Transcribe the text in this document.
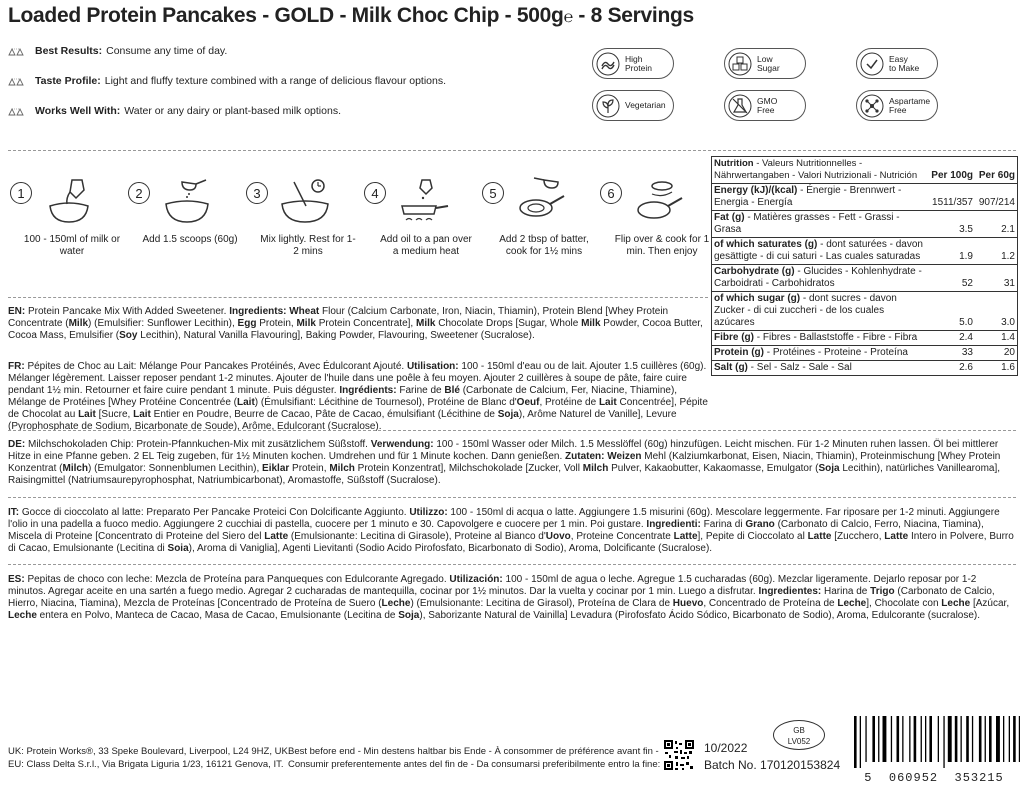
Loaded Protein Pancakes - GOLD - Milk Choc Chip - 500g℮ - 8 Servings
Best Results: Consume any time of day.
Taste Profile: Light and fluffy texture combined with a range of delicious flavour options.
Works Well With: Water or any dairy or plant-based milk options.
High
Protein
Low
Sugar
Easy
to Make
Vegetarian	GMO
Free
Aspartame
Free
1
100 - 150ml of milk or water
2
Add 1.5 scoops (60g)
3
Mix lightly. Rest for 1-2 mins
4
Add oil to a pan over a medium heat
5
Add 2 tbsp of batter, cook for 1½ mins
6
Flip over & cook for 1 min. Then enjoy
Nutrition - Valeurs Nutritionnelles - Nährwertangaben - Valori Nutrizionali - Nutrición	Per 100g	Per 60g
Energy (kJ)/(kcal) - Énergie - Brennwert - Energia - Energía	1511/357	907/214
Fat (g) - Matières grasses - Fett - Grassi - Grasa	3.5	2.1
of which saturates (g) - dont saturées - davon gesättigte - di cui saturi - Las cuales saturadas	1.9	1.2
Carbohydrate (g) - Glucides - Kohlenhydrate - Carboidrati - Carbohidratos	52	31
of which sugar (g) - dont sucres - davon Zucker - di cui zuccheri - de los cuales azúcares	5.0	3.0
Fibre (g) - Fibres - Ballaststoffe - Fibre - Fibra	2.4	1.4
Protein (g) - Protéines - Proteine - Proteína	33	20
Salt (g) - Sel - Salz - Sale - Sal	2.6	1.6
EN: Protein Pancake Mix With Added Sweetener. Ingredients: Wheat Flour (Calcium Carbonate, Iron, Niacin, Thiamin), Protein Blend [Whey Protein Concentrate (Milk) (Emulsifier: Sunflower Lecithin), Egg Protein, Milk Protein Concentrate], Milk Chocolate Drops [Sugar, Whole Milk Powder, Cocoa Butter, Cocoa Mass, Emulsifier (Soy Lecithin), Natural Vanilla Flavouring], Baking Powder, Flavouring, Sweetener (Sucralose).
FR: Pépites de Choc au Lait: Mélange Pour Pancakes Protéinés, Avec Édulcorant Ajouté. Utilisation: 100 - 150ml d'eau ou de lait. Ajouter 1.5 cuillères (60g). Mélanger légèrement. Laisser reposer pendant 1-2 minutes. Ajouter de l'huile dans une poêle à feu moyen. Ajouter 2 cuillères à soupe de pâte, faire cuire pendant 1½ min. Retourner et faire cuire pendant 1 minute. Puis déguster. Ingrédients: Farine de Blé (Carbonate de Calcium, Fer, Niacine, Thiamine), Mélange de Protéines [Whey Protéine Concentrée (Lait) (Émulsifiant: Lécithine de Tournesol), Protéine de Blanc d'Oeuf, Protéine de Lait Concentrée], Pépite de Chocolat au Lait [Sucre, Lait Entier en Poudre, Beurre de Cacao, Pâte de Cacao, émulsifiant (Lécithine de Soja), Arôme Naturel de Vanille], Levure (Pyrophosphate de Sodium, Bicarbonate de Soude), Arôme, Edulcorant (Sucralose).
DE: Milchschokoladen Chip: Protein-Pfannkuchen-Mix mit zusätzlichem Süßstoff. Verwendung: 100 - 150ml Wasser oder Milch. 1.5 Messlöffel (60g) hinzufügen. Leicht mischen. Für 1-2 Minuten ruhen lassen. Öl bei mittlerer Hitze in eine Pfanne geben. 2 EL Teig zugeben, für 1½ Minuten kochen. Umdrehen und für 1 Minute kochen. Dann genießen. Zutaten: Weizen Mehl (Kalziumkarbonat, Eisen, Niacin, Thiamin), Proteinmischung [Whey Protein Konzentrat (Milch) (Emulgator: Sonnenblumen Lecithin), Eiklar Protein, Milch Protein Konzentrat], Milchschokolade [Zucker, Voll Milch Pulver, Kakaobutter, Kakaomasse, Emulgator (Soja Lecithin), natürliches Vanillearoma], Raisingmittel (Natriumsaurepyrophosphat, Natriumbicarbonat), Aromastoffe, Süßstoff (Sucralose).
IT: Gocce di cioccolato al latte: Preparato Per Pancake Proteici Con Dolcificante Aggiunto. Utilizzo: 100 - 150ml di acqua o latte. Aggiungere 1.5 misurini (60g). Mescolare leggermente. Far riposare per 1-2 minuti. Aggiungere l'olio in una padella a fuoco medio. Aggiungere 2 cucchiai di pastella, cuocere per 1 minuto e 30. Capovolgere e cuocere per 1 min. Poi gustare. Ingredienti: Farina di Grano (Carbonato di Calcio, Ferro, Niacina, Tiamina), Miscela di Proteine [Concentrato di Proteine del Siero del Latte (Emulsionante: Lecitina di Girasole), Proteine al Bianco d'Uovo, Proteine Concentrate Latte], Pepite di Cioccolato al Latte [Zucchero, Latte Intero in Polvere, Burro di Cacao, Emulsionante (Lecitina di Soia), Aroma di Vaniglia], Agenti Lievitanti (Sodio Acido Pirofosfato, Bicarbonato di Sodio), Aroma, Dolcificante (Sucralose).
ES: Pepitas de choco con leche: Mezcla de Proteína para Panqueques con Edulcorante Agregado. Utilización: 100 - 150ml de agua o leche. Agregue 1.5 cucharadas (60g). Mezclar ligeramente. Dejarlo reposar por 1-2 minutos. Agregar aceite en una sartén a fuego medio. Agregar 2 cucharadas de mantequilla, cocinar por 1½ minutos. Dar la vuelta y cocinar por 1 min. Luego a disfrutar. Ingredientes: Harina de Trigo (Carbonato de Calcio, Hierro, Niacina, Tiamina), Mezcla de Proteínas [Concentrado de Proteína de Suero (Leche) (Emulsionante: Lecitina de Girasol), Proteína de Clara de Huevo, Concentrado de Proteína de Leche], Chocolate con Leche [Azúcar, Leche entera en Polvo, Manteca de Cacao, Masa de Cacao, Emulsionante (Lecitina de Soja), Saborizante Natural de Vainilla] Levadura (Pirofosfato Ácido Sódico, Bicarbonato de Sodio), Aroma, Edulcorante (sucralose).
UK: Protein Works®, 33 Speke Boulevard, Liverpool, L24 9HZ, UK.
EU: Class Delta S.r.l., Via Brigata Liguria 1/23, 16121 Genova, IT.
Best before end - Min destens haltbar bis Ende - À consommer de préférence avant fin -
Consumir preferentemente antes del fin de - Da consumarsi preferibilmente entro la fine:
10/2022
Batch No. 170120153824
GB
LV052
5  060952  353215
